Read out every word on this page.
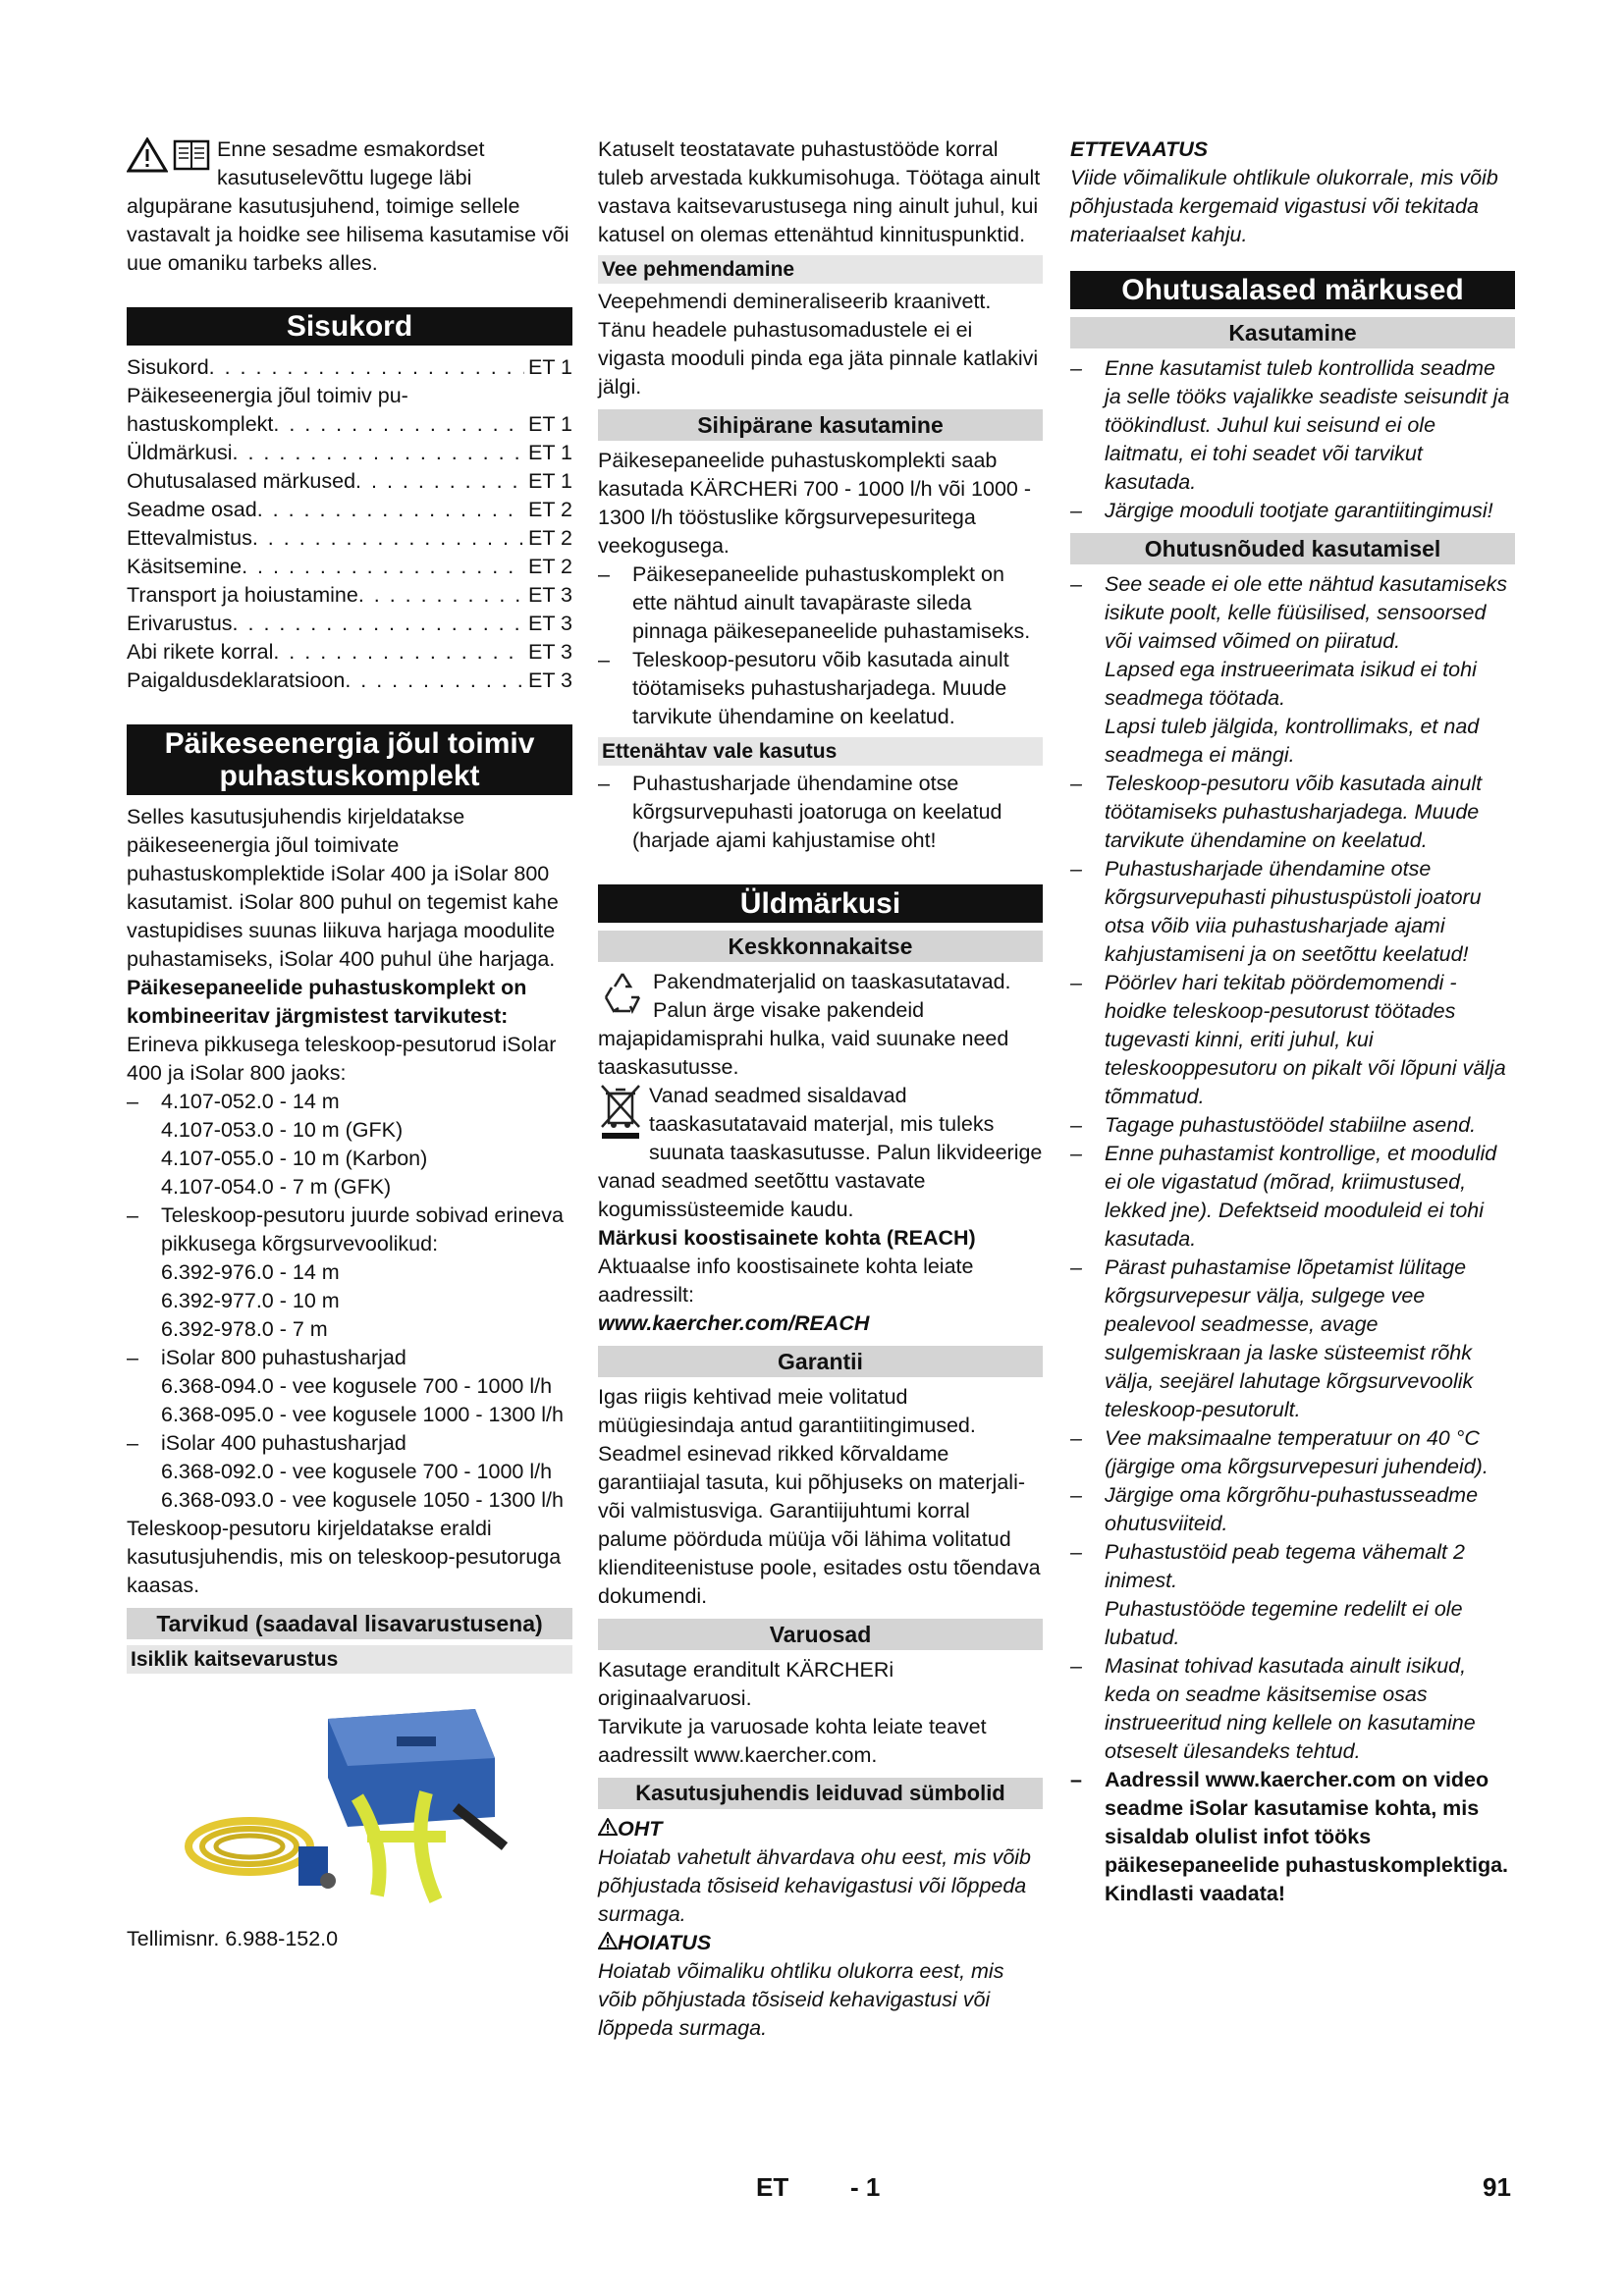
Enne sesadme esmakordset kasutuselevõttu lugege läbi algupärane kasutusjuhend, toimige sellele vastavalt ja hoidke see hilisema kasutamise või uue omaniku tarbeks alles.

Sisukord
Sisukord . . .	ET 1
Päikeseenergia jõul toimiv pu-
hastuskomplekt . . .	ET 1
Üldmärkusi . . .	ET 1
Ohutusalased märkused . . .	ET 1
Seadme osad . . .	ET 2
Ettevalmistus . . .	ET 2
Käsitsemine . . .	ET 2
Transport ja hoiustamine . . .	ET 3
Erivarustus . . .	ET 3
Abi rikete korral . . .	ET 3
Paigaldusdeklaratsioon . . .	ET 3
Päikeseenergia jõul toimiv puhastuskomplekt

Selles kasutusjuhendis kirjeldatakse päikeseenergia jõul toimivate puhastuskomplektide iSolar 400 ja iSolar 800 kasutamist. iSolar 800 puhul on tegemist kahe vastupidises suunas liikuva harjaga moodulite puhastamiseks, iSolar 400 puhul ühe harjaga.

Päikesepaneelide puhastuskomplekt on kombineeritav järgmistest tarvikutest:

Erineva pikkusega teleskoop-pesutorud iSolar 400 ja iSolar 800 jaoks:

– 4.107-052.0 - 14 m
4.107-053.0 - 10 m (GFK)
4.107-055.0 - 10 m (Karbon)
4.107-054.0 - 7 m (GFK)
– Teleskoop-pesutoru juurde sobivad erineva pikkusega kõrgsurvevoolikud:
6.392-976.0 - 14 m
6.392-977.0 - 10 m
6.392-978.0 - 7 m
– iSolar 800 puhastusharjad
6.368-094.0 - vee kogusele 700 - 1000 l/h
6.368-095.0 - vee kogusele 1000 - 1300 l/h
– iSolar 400 puhastusharjad
6.368-092.0 - vee kogusele 700 - 1000 l/h
6.368-093.0 - vee kogusele 1050 - 1300 l/h

Teleskoop-pesutoru kirjeldatakse eraldi kasutusjuhendis, mis on teleskoop-pesutoruga kaasas.

Tarvikud (saadaval lisavarustusena)
Isiklik kaitsevarustus

Tellimisnr. 6.988-152.0

Katuselt teostatavate puhastustööde korral tuleb arvestada kukkumisohuga. Töötaga ainult vastava kaitsevarustusega ning ainult juhul, kui katusel on olemas ettenähtud kinnituspunktid.

Vee pehmendamine

Veepehmendi demineraliseerib kraanivett. Tänu headele puhastusomadustele ei ei vigasta mooduli pinda ega jäta pinnale katlakivi jälgi.

Sihipärane kasutamine

Päikesepaneelide puhastuskomplekti saab kasutada KÄRCHERi 700 - 1000 l/h või 1000 - 1300 l/h tööstuslike kõrgsurvepesuritega veekogusega.

– Päikesepaneelide puhastuskomplekt on ette nähtud ainult tavapäraste sileda pinnaga päikesepaneelide puhastamiseks.
– Teleskoop-pesutoru võib kasutada ainult töötamiseks puhastusharjadega. Muude tarvikute ühendamine on keelatud.
Ettenähtav vale kasutus
– Puhastusharjade ühendamine otse kõrgsurvepuhasti joatoruga on keelatud (harjade ajami kahjustamise oht!
Üldmärkusi
Keskkonnakaitse

Pakendmaterjalid on taaskasutatavad. Palun ärge visake pakendeid majapidamisprahi hulka, vaid suunake need taaskasutusse.

Vanad seadmed sisaldavad taaskasutatavaid materjal, mis tuleks suunata taaskasutusse. Palun likvideerige vanad seadmed seetõttu vastavate kogumissüsteemide kaudu.

Märkusi koostisainete kohta (REACH)

Aktuaalse info koostisainete kohta leiate aadressilt:

www.kaercher.com/REACH

Garantii

Igas riigis kehtivad meie volitatud müügiesindaja antud garantiitingimused. Seadmel esinevad rikked kõrvaldame garantiiajal tasuta, kui põhjuseks on materjali- või valmistusviga. Garantiijuhtumi korral palume pöörduda müüja või lähima volitatud klienditeenistuse poole, esitades ostu tõendava dokumendi.

Varuosad

Kasutage eranditult KÄRCHERi originaalvaruosi.

Tarvikute ja varuosade kohta leiate teavet aadressilt www.kaercher.com.

Kasutusjuhendis leiduvad sümbolid

OHT

Hoiatab vahetult ähvardava ohu eest, mis võib põhjustada tõsiseid kehavigastusi või lõppeda surmaga.

HOIATUS

Hoiatab võimaliku ohtliku olukorra eest, mis võib põhjustada tõsiseid kehavigastusi või lõppeda surmaga.

ETTEVAATUS

Viide võimalikule ohtlikule olukorrale, mis võib põhjustada kergemaid vigastusi või tekitada materiaalset kahju.

Ohutusalased märkused
Kasutamine
– Enne kasutamist tuleb kontrollida seadme ja selle tööks vajalikke seadiste seisundit ja töökindlust. Juhul kui seisund ei ole laitmatu, ei tohi seadet või tarvikut kasutada.
– Järgige mooduli tootjate garantiitingimusi!
Ohutusnõuded kasutamisel
– See seade ei ole ette nähtud kasutamiseks isikute poolt, kelle füüsilised, sensoorsed või vaimsed võimed on piiratud.
Lapsed ega instrueerimata isikud ei tohi seadmega töötada.
Lapsi tuleb jälgida, kontrollimaks, et nad seadmega ei mängi.
– Teleskoop-pesutoru võib kasutada ainult töötamiseks puhastusharjadega. Muude tarvikute ühendamine on keelatud.
– Puhastusharjade ühendamine otse kõrgsurvepuhasti pihustuspüstoli joatoru otsa võib viia puhastusharjade ajami kahjustamiseni ja on seetõttu keelatud!
– Pöörlev hari tekitab pöördemomendi - hoidke teleskoop-pesutorust töötades tugevasti kinni, eriti juhul, kui teleskooppesutoru on pikalt või lõpuni välja tõmmatud.
– Tagage puhastustöödel stabiilne asend.
– Enne puhastamist kontrollige, et moodulid ei ole vigastatud (mõrad, kriimustused, lekked jne). Defektseid mooduleid ei tohi kasutada.
– Pärast puhastamise lõpetamist lülitage kõrgsurvepesur välja, sulgege vee pealevool seadmesse, avage sulgemiskraan ja laske süsteemist rõhk välja, seejärel lahutage kõrgsurvevoolik teleskoop-pesutorult.
– Vee maksimaalne temperatuur on 40 °C (järgige oma kõrgsurvepesuri juhendeid).
– Järgige oma kõrgrõhu-puhastusseadme ohutusviiteid.
– Puhastustöid peab tegema vähemalt 2 inimest.
Puhastustööde tegemine redelilt ei ole lubatud.
– Masinat tohivad kasutada ainult isikud, keda on seadme käsitsemise osas instrueeritud ning kellele on kasutamine otseselt ülesandeks tehtud.
– Aadressil www.kaercher.com on video seadme iSolar kasutamise kohta, mis sisaldab olulist infot tööks päikesepaneelide puhastuskomplektiga. Kindlasti vaadata!
ET - 1	91
